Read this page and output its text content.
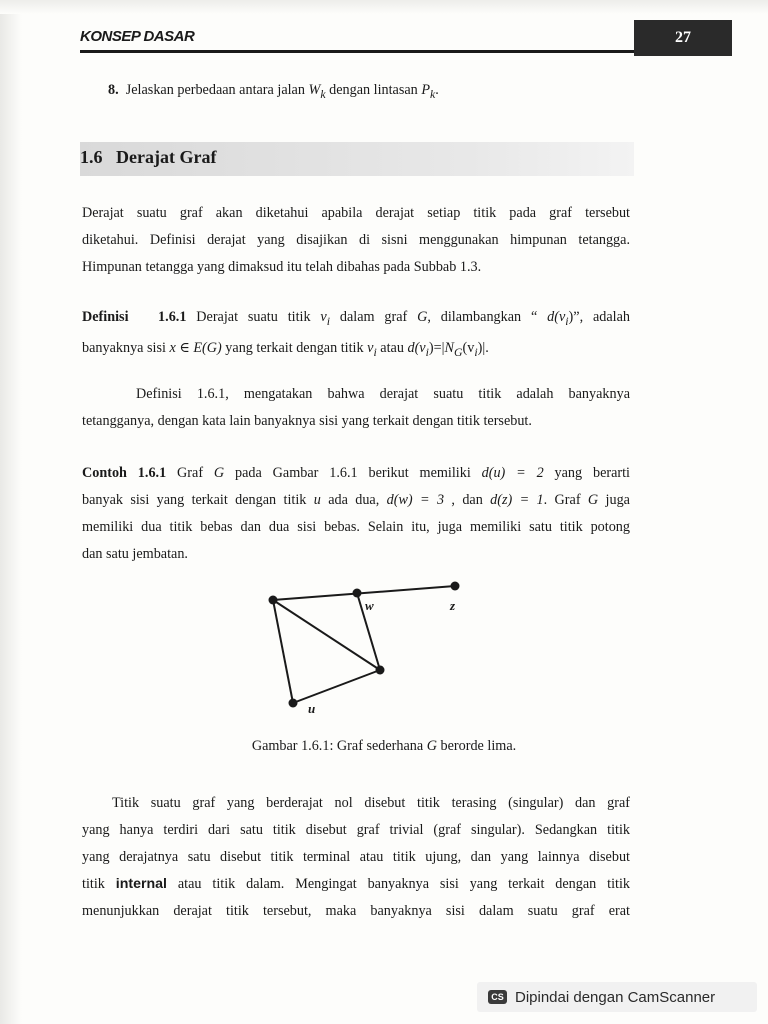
KONSEP DASAR	27
8. Jelaskan perbedaan antara jalan $W_k$ dengan lintasan $P_k$.
1.6   Derajat Graf
Derajat suatu graf akan diketahui apabila derajat setiap titik pada graf tersebut
diketahui. Definisi derajat yang disajikan di sisni menggunakan himpunan tetangga.
Himpunan tetangga yang dimaksud itu telah dibahas pada Subbab 1.3.
Definisi   1.6.1 Derajat suatu titik $v_i$ dalam graf G, dilambangkan “ $d(v_i)$”, adalah
banyaknya sisi x ∈ E(G) yang terkait dengan titik $v_i$ atau $d(v_i)=|N_G(v_i)|$.
Definisi 1.6.1, mengatakan bahwa derajat suatu titik adalah banyaknya
tetangganya, dengan kata lain banyaknya sisi yang terkait dengan titik tersebut.
Contoh 1.6.1 Graf G pada Gambar 1.6.1 berikut memiliki d(u) = 2 yang berarti
banyak sisi yang terkait dengan titik u ada dua, d(w) = 3 , dan d(z) = 1. Graf G juga
memiliki dua titik bebas dan dua sisi bebas. Selain itu, juga memiliki satu titik potong
dan satu jembatan.
w	z
u
Gambar 1.6.1: Graf sederhana G berorde lima.
Titik suatu graf yang berderajat nol disebut titik terasing (singular) dan graf
yang hanya terdiri dari satu titik disebut graf trivial (graf singular). Sedangkan titik
yang derajatnya satu disebut titik terminal atau titik ujung, dan yang lainnya disebut
titik internal atau titik dalam. Mengingat banyaknya sisi yang terkait dengan titik
menunjukkan derajat titik tersebut, maka banyaknya sisi dalam suatu graf erat
CS Dipindai dengan CamScanner
